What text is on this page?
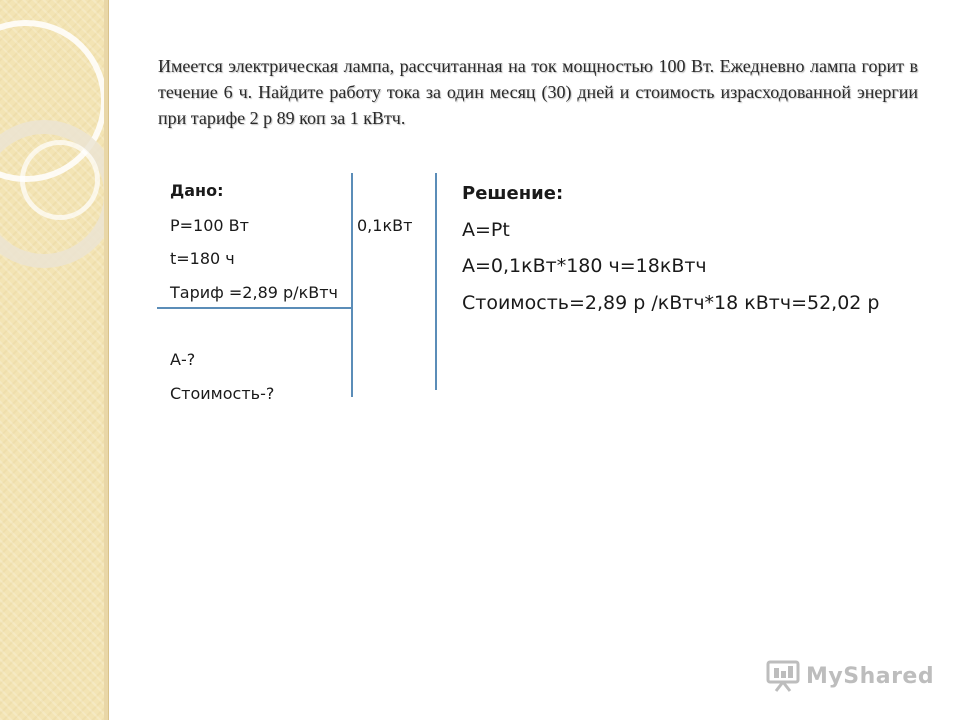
Имеется электрическая лампа, рассчитанная на ток мощностью 100 Вт. Ежедневно лампа горит в течение 6 ч. Найдите работу тока за один месяц (30) дней и стоимость израсходованной энергии при тарифе 2 р 89 коп за 1 кВтч.
Дано:
Р=100 Вт	0,1кВт
t=180 ч
Тариф =2,89 р/кВтч
А-?
Стоимость-?
Решение:
А=Рt
А=0,1кВт*180 ч=18кВтч
Стоимость=2,89 р /кВтч*18 кВтч=52,02 р
MyShared
